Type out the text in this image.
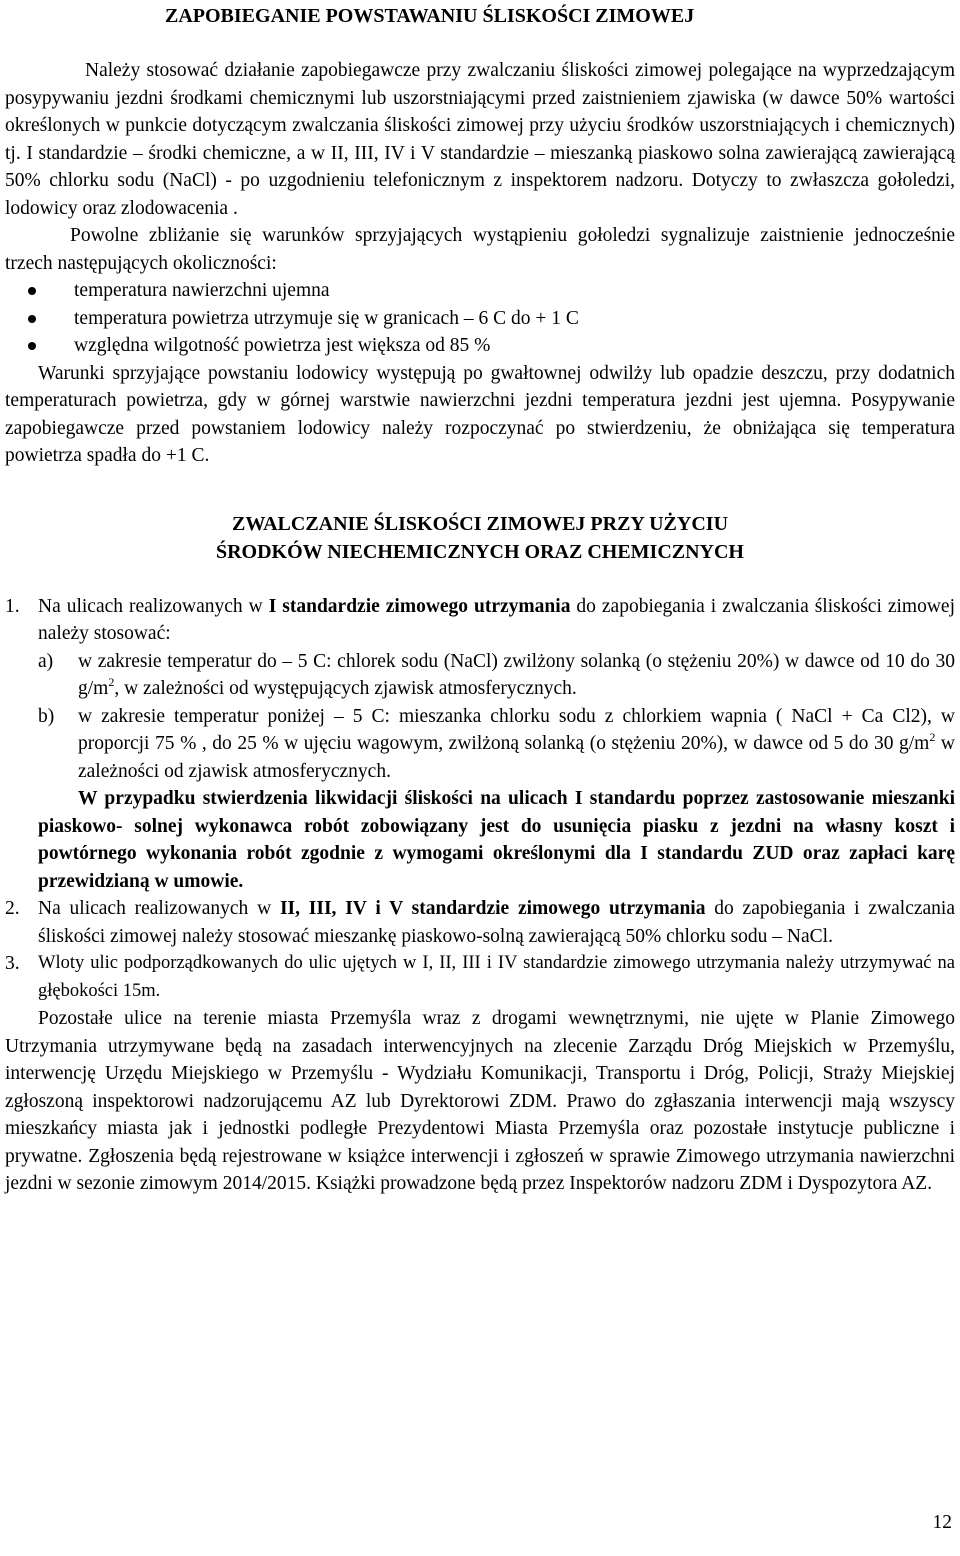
ZAPOBIEGANIE POWSTAWANIU ŚLISKOŚCI ZIMOWEJ

Należy stosować działanie zapobiegawcze przy zwalczaniu śliskości zimowej polegające na wyprzedzającym posypywaniu jezdni środkami chemicznymi lub uszorstniającymi przed zaistnieniem zjawiska (w dawce 50% wartości określonych w punkcie dotyczącym zwalczania śliskości zimowej przy użyciu środków uszorstniających i chemicznych) tj. I standardzie – środki chemiczne, a w II, III, IV i V standardzie – mieszanką piaskowo solna zawierającą zawierającą 50% chlorku sodu (NaCl) - po uzgodnieniu telefonicznym z inspektorem nadzoru. Dotyczy to zwłaszcza gołoledzi, lodowicy oraz zlodowacenia .

Powolne zbliżanie się warunków sprzyjających wystąpieniu gołoledzi sygnalizuje zaistnienie jednocześnie trzech następujących okoliczności:

temperatura nawierzchni ujemna
temperatura powietrza utrzymuje się w granicach – 6 C do + 1 C
względna wilgotność powietrza jest większa od 85 %

Warunki sprzyjające powstaniu lodowicy występują po gwałtownej odwilży lub opadzie deszczu, przy dodatnich temperaturach powietrza, gdy w górnej warstwie nawierzchni jezdni temperatura jezdni jest ujemna. Posypywanie zapobiegawcze przed powstaniem lodowicy należy rozpoczynać po stwierdzeniu, że obniżająca się temperatura powietrza spadła do +1 C.

ZWALCZANIE ŚLISKOŚCI ZIMOWEJ PRZY UŻYCIU

ŚRODKÓW NIECHEMICZNYCH ORAZ CHEMICZNYCH

1. Na ulicach realizowanych w I standardzie zimowego utrzymania do zapobiegania i zwalczania śliskości zimowej należy stosować:
a) w zakresie temperatur do – 5 C: chlorek sodu (NaCl) zwilżony solanką (o stężeniu 20%) w dawce od 10 do 30 $g/m^2$, w zależności od występujących zjawisk atmosferycznych.
b) w zakresie temperatur poniżej – 5 C: mieszanka chlorku sodu z chlorkiem wapnia ( NaCl + Ca Cl2), w proporcji 75 % , do 25 % w ujęciu wagowym, zwilżoną solanką (o stężeniu 20%), w dawce od 5 do 30 $g/m^2$ w zależności od zjawisk atmosferycznych.

W przypadku stwierdzenia likwidacji śliskości na ulicach I standardu poprzez zastosowanie mieszanki piaskowo- solnej wykonawca robót zobowiązany jest do usunięcia piasku z jezdni na własny koszt i powtórnego wykonania robót zgodnie z wymogami określonymi dla I standardu ZUD oraz zapłaci karę przewidzianą w umowie.

2. Na ulicach realizowanych w II, III, IV i V standardzie zimowego utrzymania do zapobiegania i zwalczania śliskości zimowej należy stosować mieszankę piaskowo-solną zawierającą 50% chlorku sodu – NaCl.
3. Wloty ulic podporządkowanych do ulic ujętych w I, II, III i IV standardzie zimowego utrzymania należy utrzymywać na głębokości 15m.

Pozostałe ulice na terenie miasta Przemyśla wraz z drogami wewnętrznymi, nie ujęte w Planie Zimowego Utrzymania utrzymywane będą na zasadach interwencyjnych na zlecenie Zarządu Dróg Miejskich w Przemyślu, interwencję Urzędu Miejskiego w Przemyślu - Wydziału Komunikacji, Transportu i Dróg, Policji, Straży Miejskiej zgłoszoną inspektorowi nadzorującemu AZ lub Dyrektorowi ZDM. Prawo do zgłaszania interwencji mają wszyscy mieszkańcy miasta jak i jednostki podległe Prezydentowi Miasta Przemyśla oraz pozostałe instytucje publiczne i prywatne. Zgłoszenia będą rejestrowane w książce interwencji i zgłoszeń w sprawie Zimowego utrzymania nawierzchni jezdni w sezonie zimowym 2014/2015. Książki prowadzone będą przez Inspektorów nadzoru ZDM i Dyspozytora AZ.

12
